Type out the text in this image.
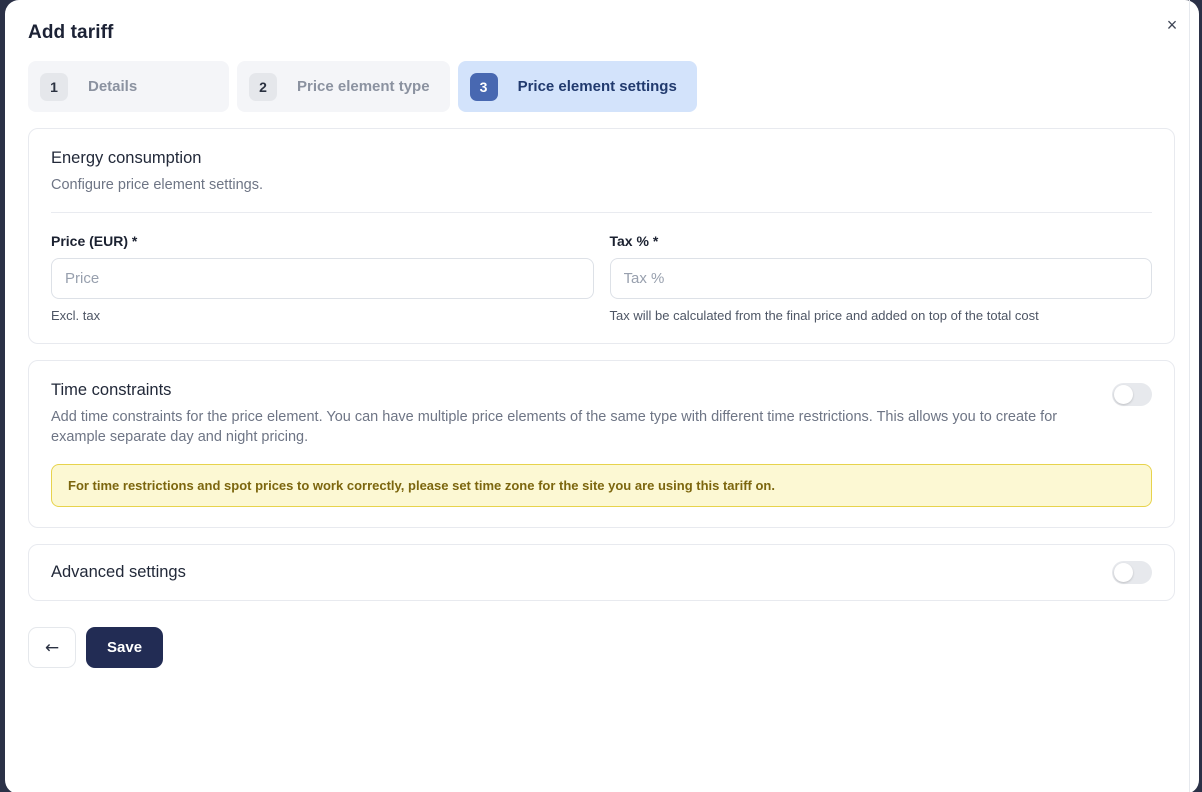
×
Add tariff
1	Details	2	Price element type	3	Price element settings
Energy consumption
Configure price element settings.
Price (EUR) *
Price
Excl. tax
Tax % *
Tax %
Tax will be calculated from the final price and added on top of the total cost
Time constraints
Add time constraints for the price element. You can have multiple price elements of the same type with different time restrictions. This allows you to create for example separate day and night pricing.
For time restrictions and spot prices to work correctly, please set time zone for the site you are using this tariff on.
Advanced settings
←	Save
